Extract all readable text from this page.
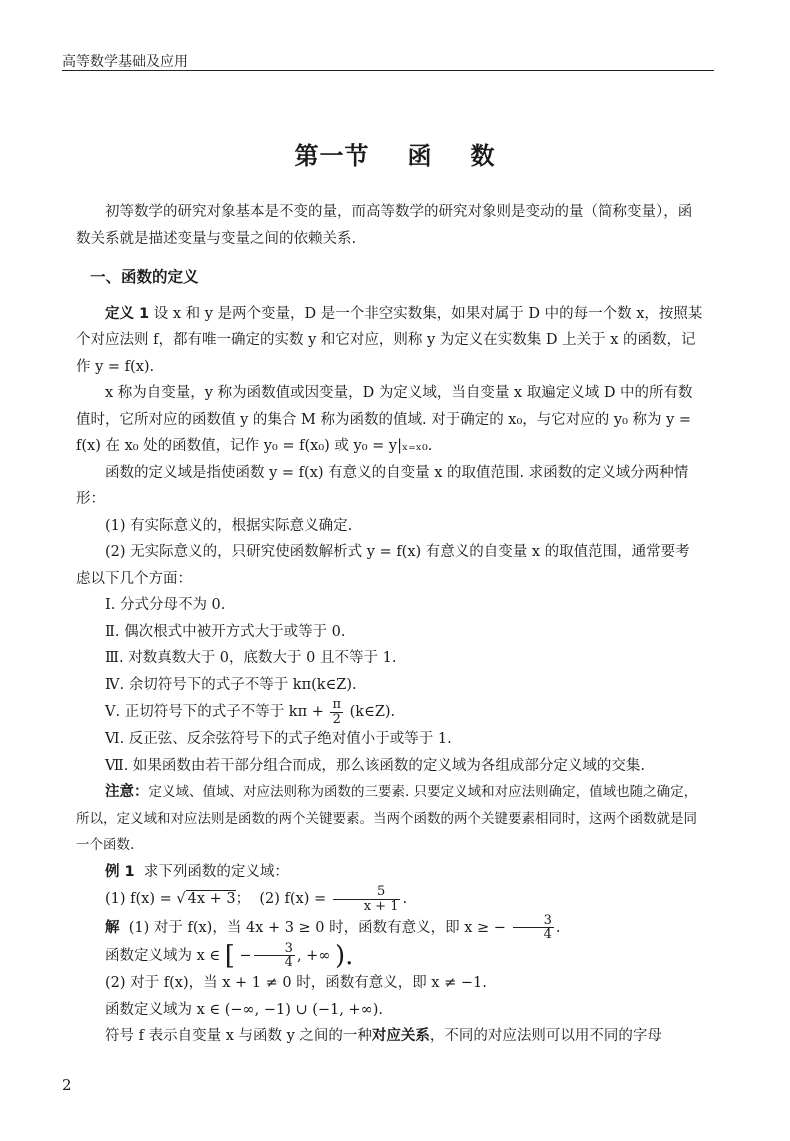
高等数学基础及应用
第一节 函 数

初等数学的研究对象基本是不变的量，而高等数学的研究对象则是变动的量（简称变量），函数关系就是描述变量与变量之间的依赖关系.

一、函数的定义

定义 1 设 x 和 y 是两个变量，D 是一个非空实数集，如果对属于 D 中的每一个数 x，按照某个对应法则 f，都有唯一确定的实数 y 和它对应，则称 y 为定义在实数集 D 上关于 x 的函数，记作 y = f(x).

x 称为自变量，y 称为函数值或因变量，D 为定义域，当自变量 x 取遍定义域 D 中的所有数值时，它所对应的函数值 y 的集合 M 称为函数的值域. 对于确定的 x₀，与它对应的 y₀ 称为 y = f(x) 在 x₀ 处的函数值，记作 y₀ = f(x₀) 或 y₀ = y|ₓ₌ₓ₀.

函数的定义域是指使函数 y = f(x) 有意义的自变量 x 的取值范围. 求函数的定义域分两种情形：

(1) 有实际意义的，根据实际意义确定.

(2) 无实际意义的，只研究使函数解析式 y = f(x) 有意义的自变量 x 的取值范围，通常要考虑以下几个方面：

Ⅰ. 分式分母不为 0.

Ⅱ. 偶次根式中被开方式大于或等于 0.

Ⅲ. 对数真数大于 0，底数大于 0 且不等于 1.

Ⅳ. 余切符号下的式子不等于 kπ(k∈Z).

Ⅴ. 正切符号下的式子不等于 $k\pi + \frac{\pi}{2}$ (k∈Z).

Ⅵ. 反正弦、反余弦符号下的式子绝对值小于或等于 1.

Ⅶ. 如果函数由若干部分组合而成，那么该函数的定义域为各组成部分定义域的交集.

注意：定义域、值域、对应法则称为函数的三要素. 只要定义域和对应法则确定，值域也随之确定，所以，定义域和对应法则是函数的两个关键要素。当两个函数的两个关键要素相同时，这两个函数就是同一个函数.

例 1 求下列函数的定义域：

(1) f(x) = √ 4x + 3； (2) $f(x) = \frac{5}{x + 1}$ .

解 (1) 对于 f(x)，当 4x + 3 ≥ 0 时，函数有意义，即 x ≥ − $\frac{3}{4}$ .

函数定义域为 x ∈ [ − $\frac{3}{4}$ , +∞ ).

(2) 对于 f(x)，当 x + 1 ≠ 0 时，函数有意义，即 x ≠ −1.

函数定义域为 x ∈ (−∞, −1) ∪ (−1, +∞).

符号 f 表示自变量 x 与函数 y 之间的一种对应关系，不同的对应法则可以用不同的字母

2
